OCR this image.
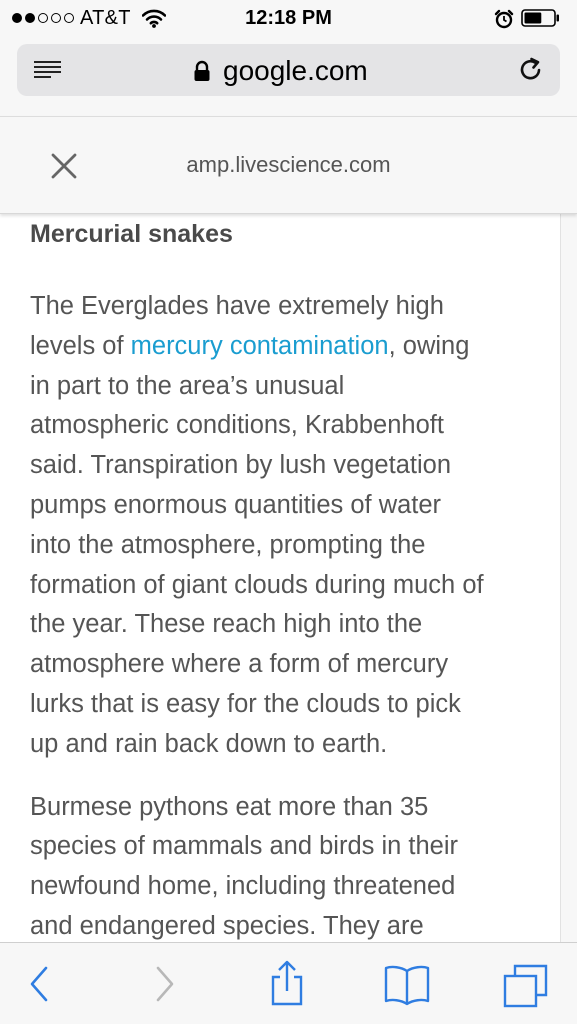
AT&T	12:18 PM
google.com
amp.livescience.com
Mercurial snakes
The Everglades have extremely high
levels of mercury contamination, owing
in part to the area’s unusual
atmospheric conditions, Krabbenhoft
said. Transpiration by lush vegetation
pumps enormous quantities of water
into the atmosphere, prompting the
formation of giant clouds during much of
the year. These reach high into the
atmosphere where a form of mercury
lurks that is easy for the clouds to pick
up and rain back down to earth.
Burmese pythons eat more than 35
species of mammals and birds in their
newfound home, including threatened
and endangered species. They are
